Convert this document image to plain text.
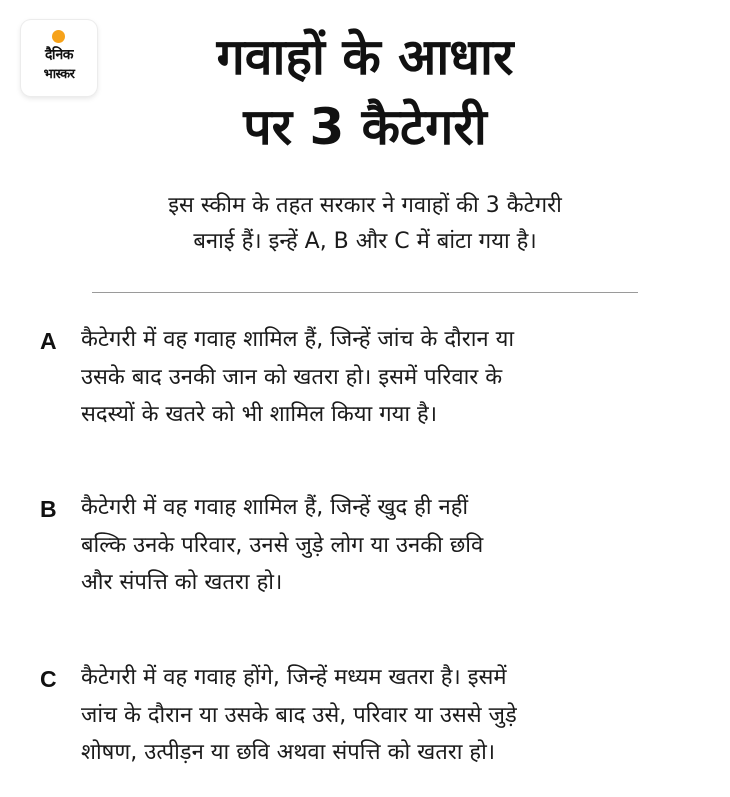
दैनिक
भास्कर	गवाहों के आधार
पर 3 कैटेगरी

इस स्कीम के तहत सरकार ने गवाहों की 3 कैटेगरी
बनाई हैं। इन्हें A, B और C में बांटा गया है।

A	कैटेगरी में वह गवाह शामिल हैं, जिन्हें जांच के दौरान या
उसके बाद उनकी जान को खतरा हो। इसमें परिवार के
सदस्यों के खतरे को भी शामिल किया गया है।

B	कैटेगरी में वह गवाह शामिल हैं, जिन्हें खुद ही नहीं
बल्कि उनके परिवार, उनसे जुड़े लोग या उनकी छवि
और संपत्ति को खतरा हो।

C	कैटेगरी में वह गवाह होंगे, जिन्हें मध्यम खतरा है। इसमें
जांच के दौरान या उसके बाद उसे, परिवार या उससे जुड़े
शोषण, उत्पीड़न या छवि अथवा संपत्ति को खतरा हो।
